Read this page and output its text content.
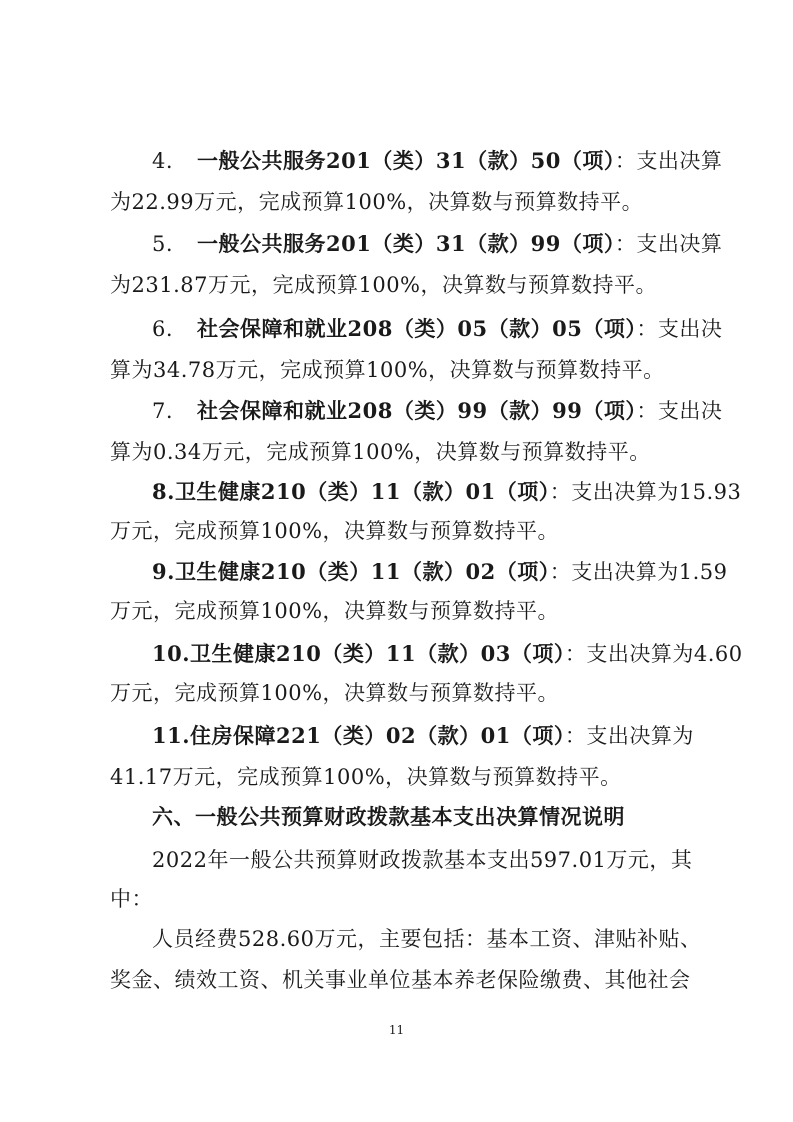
4. 一般公共服务201（类）31（款）50（项）：支出决算
为22.99万元，完成预算100%，决算数与预算数持平。
5. 一般公共服务201（类）31（款）99（项）：支出决算
为231.87万元，完成预算100%，决算数与预算数持平。
6. 社会保障和就业208（类）05（款）05（项）：支出决
算为34.78万元，完成预算100%，决算数与预算数持平。
7. 社会保障和就业208（类）99（款）99（项）：支出决
算为0.34万元，完成预算100%，决算数与预算数持平。
8.卫生健康210（类）11（款）01（项）：支出决算为15.93
万元，完成预算100%，决算数与预算数持平。
9.卫生健康210（类）11（款）02（项）：支出决算为1.59
万元，完成预算100%，决算数与预算数持平。
10.卫生健康210（类）11（款）03（项）：支出决算为4.60
万元，完成预算100%，决算数与预算数持平。
11.住房保障221（类）02（款）01（项）：支出决算为
41.17万元，完成预算100%，决算数与预算数持平。
六、一般公共预算财政拨款基本支出决算情况说明
2022年一般公共预算财政拨款基本支出597.01万元，其
中：
人员经费528.60万元，主要包括：基本工资、津贴补贴、
奖金、绩效工资、机关事业单位基本养老保险缴费、其他社会
11
